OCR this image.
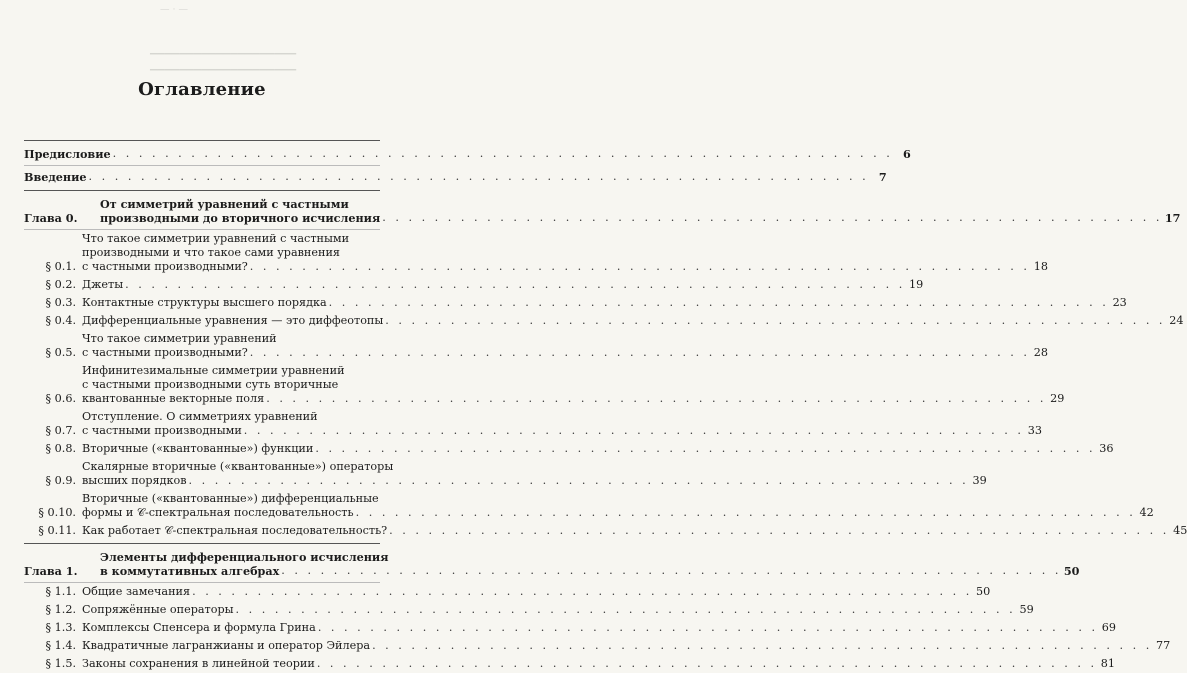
— · —
▁▁▁▁▁▁▁▁▁▁▁▁▁▁▁▁▁▁▁▁
▁▁▁▁▁▁▁▁▁▁▁▁▁▁▁▁▁▁▁▁
Оглавление
Предисловие . . . . . . . . . . . . . . . . . . . . . . . . . . . . . . . . . . . . . . . . . . . . . . . . . . . . . . . . . . . . 6
Введение . . . . . . . . . . . . . . . . . . . . . . . . . . . . . . . . . . . . . . . . . . . . . . . . . . . . . . . . . . . . 7
Глава 0.
От симметрий уравнений с частными
производными до вторичного исчисления . . . . . . . . . . . . . . . . . . . . . . . . . . . . . . . . . . . . . . . . . . . . . . . . . . . . . . . . . . . . 17
§ 0.1.
Что такое симметрии уравнений с частными
производными и что такое сами уравнения
с частными производными? . . . . . . . . . . . . . . . . . . . . . . . . . . . . . . . . . . . . . . . . . . . . . . . . . . . . . . . . . . . . 18
§ 0.2. Джеты . . . . . . . . . . . . . . . . . . . . . . . . . . . . . . . . . . . . . . . . . . . . . . . . . . . . . . . . . . . . 19
§ 0.3. Контактные структуры высшего порядка . . . . . . . . . . . . . . . . . . . . . . . . . . . . . . . . . . . . . . . . . . . . . . . . . . . . . . . . . . . . 23
§ 0.4. Дифференциальные уравнения — это диффеотопы . . . . . . . . . . . . . . . . . . . . . . . . . . . . . . . . . . . . . . . . . . . . . . . . . . . . . . . . . . . . 24
§ 0.5.
Что такое симметрии уравнений
с частными производными? . . . . . . . . . . . . . . . . . . . . . . . . . . . . . . . . . . . . . . . . . . . . . . . . . . . . . . . . . . . . 28
§ 0.6.
Инфинитезимальные симметрии уравнений
с частными производными суть вторичные
квантованные векторные поля . . . . . . . . . . . . . . . . . . . . . . . . . . . . . . . . . . . . . . . . . . . . . . . . . . . . . . . . . . . . 29
§ 0.7.
Отступление. О симметриях уравнений
с частными производными . . . . . . . . . . . . . . . . . . . . . . . . . . . . . . . . . . . . . . . . . . . . . . . . . . . . . . . . . . . . 33
§ 0.8. Вторичные («квантованные») функции . . . . . . . . . . . . . . . . . . . . . . . . . . . . . . . . . . . . . . . . . . . . . . . . . . . . . . . . . . . . 36
§ 0.9.
Скалярные вторичные («квантованные») операторы
высших порядков . . . . . . . . . . . . . . . . . . . . . . . . . . . . . . . . . . . . . . . . . . . . . . . . . . . . . . . . . . . . 39
§ 0.10.
Вторичные («квантованные») дифференциальные
формы и 𝒞-спектральная последовательность . . . . . . . . . . . . . . . . . . . . . . . . . . . . . . . . . . . . . . . . . . . . . . . . . . . . . . . . . . . . 42
§ 0.11. Как работает 𝒞-спектральная последовательность? . . . . . . . . . . . . . . . . . . . . . . . . . . . . . . . . . . . . . . . . . . . . . . . . . . . . . . . . . . . . 45
Глава 1.
Элементы дифференциального исчисления
в коммутативных алгебрах . . . . . . . . . . . . . . . . . . . . . . . . . . . . . . . . . . . . . . . . . . . . . . . . . . . . . . . . . . . . 50
§ 1.1. Общие замечания . . . . . . . . . . . . . . . . . . . . . . . . . . . . . . . . . . . . . . . . . . . . . . . . . . . . . . . . . . . . 50
§ 1.2. Сопряжённые операторы . . . . . . . . . . . . . . . . . . . . . . . . . . . . . . . . . . . . . . . . . . . . . . . . . . . . . . . . . . . . 59
§ 1.3. Комплексы Спенсера и формула Грина . . . . . . . . . . . . . . . . . . . . . . . . . . . . . . . . . . . . . . . . . . . . . . . . . . . . . . . . . . . . 69
§ 1.4. Квадратичные лагранжианы и оператор Эйлера . . . . . . . . . . . . . . . . . . . . . . . . . . . . . . . . . . . . . . . . . . . . . . . . . . . . . . . . . . . . 77
§ 1.5. Законы сохранения в линейной теории . . . . . . . . . . . . . . . . . . . . . . . . . . . . . . . . . . . . . . . . . . . . . . . . . . . . . . . . . . . . 81
